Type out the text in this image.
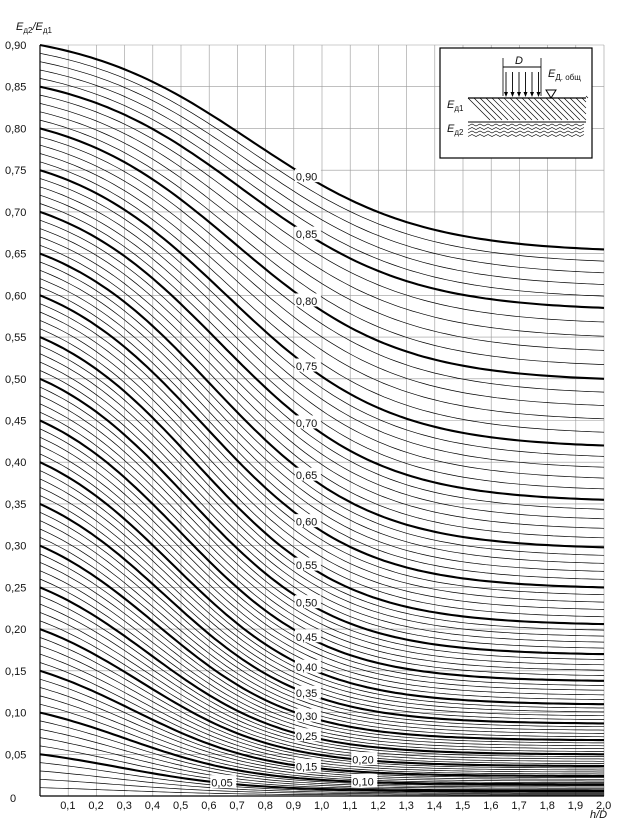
0,05	0,10
0,15
0,20
0,25
0,30
0,35
0,40
0,45
0,50
0,55
0,60
0,65
0,70
0,75
0,80
0,85
0,90
0,1 0,2 0,3 0,4 0,5 0,6 0,7 0,8 0,9 1,0 1,1 1,2 1,3 1,4 1,5 1,6 1,7 1,8 1,9 2,0
0,05
0,10
0,15
0,20
0,25
0,30
0,35
0,40
0,45
0,50
0,55
0,60
0,65
0,70
0,75
0,80
0,85
0,90
$E_{д2}/E_{д1}$
h/D
0
D
$E_{Д. общ}$
$E_{д1}$
$E_{д2}$
